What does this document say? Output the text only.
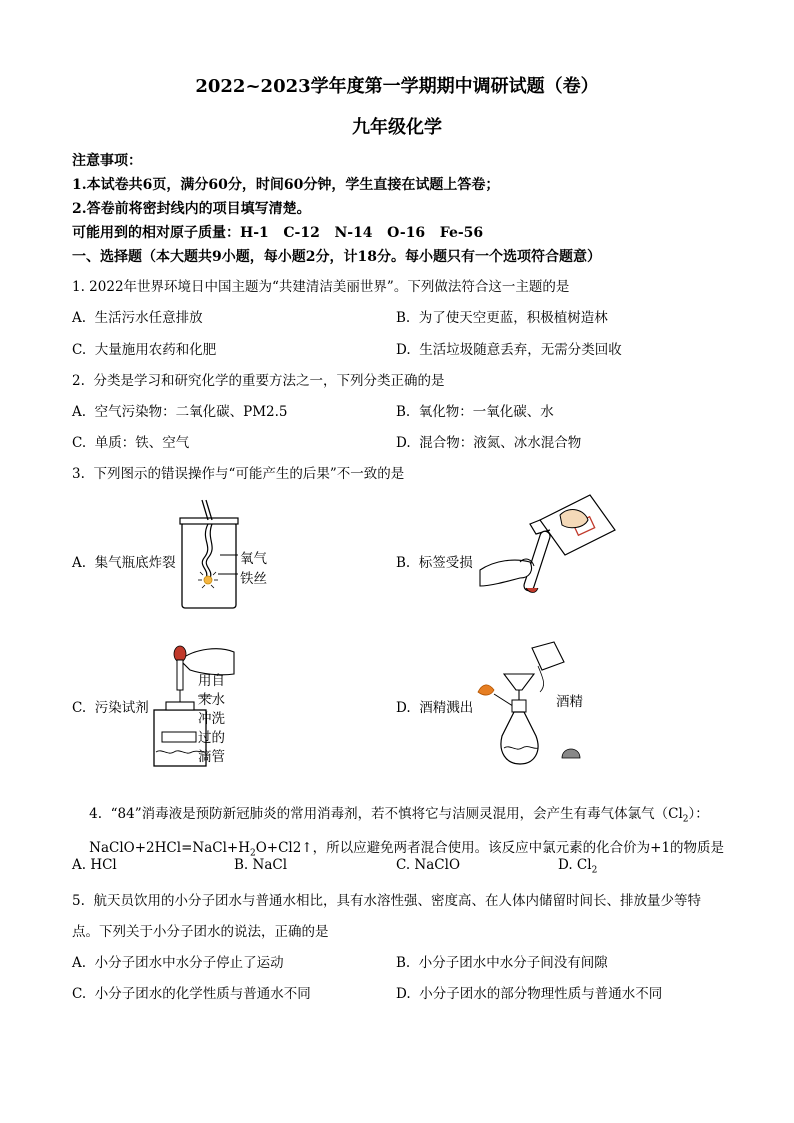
2022~2023学年度第一学期期中调研试题（卷）
九年级化学
注意事项：
1.本试卷共6页，满分60分，时间60分钟，学生直接在试题上答卷；
2.答卷前将密封线内的项目填写清楚。
可能用到的相对原子质量：H-1   C-12   N-14   O-16   Fe-56
一、选择题（本大题共9小题，每小题2分，计18分。每小题只有一个选项符合题意）
1. 2022年世界环境日中国主题为“共建清洁美丽世界”。下列做法符合这一主题的是
A.  生活污水任意排放	B.  为了使天空更蓝，积极植树造林
C.  大量施用农药和化肥	D.  生活垃圾随意丢弃，无需分类回收
2.  分类是学习和研究化学的重要方法之一，下列分类正确的是
A.  空气污染物：二氧化碳、PM2.5	B.  氧化物：一氧化碳、水
C.  单质：铁、空气	D.  混合物：液氮、冰水混合物
3.  下列图示的错误操作与“可能产生的后果”不一致的是
A.  集气瓶底炸裂	氧气
铁丝
B.  标签受损
C.  污染试剂
用自来水冲洗过的滴管
D.  酒精溅出	酒精

4.  “84”消毒液是预防新冠肺炎的常用消毒剂，若不慎将它与洁厕灵混用，会产生有毒气体氯气$(Cl_2)$：

$NaClO+2HCl=NaCl+H_2O+Cl2↑$，所以应避免两者混合使用。该反应中氯元素的化合价为+1的物质是

A. HCl	B. NaCl	C. NaClO	D. $Cl_2$
5.  航天员饮用的小分子团水与普通水相比，具有水溶性强、密度高、在人体内储留时间长、排放量少等特
点。下列关于小分子团水的说法，正确的是
A.  小分子团水中水分子停止了运动	B.  小分子团水中水分子间没有间隙
C.  小分子团水的化学性质与普通水不同	D.  小分子团水的部分物理性质与普通水不同
